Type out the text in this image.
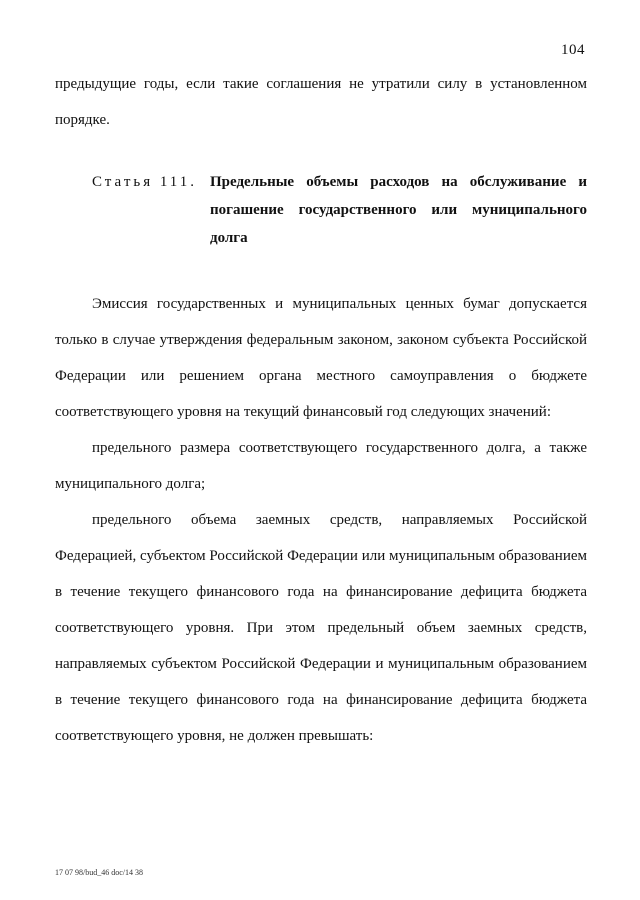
104

предыдущие годы, если такие соглашения не утратили силу в установленном порядке.

Статья 111. Предельные объемы расходов на обслуживание и погашение государственного или муниципального долга

Эмиссия государственных и муниципальных ценных бумаг допускается только в случае утверждения федеральным законом, законом субъекта Российской Федерации или решением органа местного самоуправления о бюджете соответствующего уровня на текущий финансовый год следующих значений:

предельного размера соответствующего государственного долга, а также муниципального долга;

предельного объема заемных средств, направляемых Российской Федерацией, субъектом Российской Федерации или муниципальным образованием в течение текущего финансового года на финансирование дефицита бюджета соответствующего уровня. При этом предельный объем заемных средств, направляемых субъектом Российской Федерации и муниципальным образованием в течение текущего финансового года на финансирование дефицита бюджета соответствующего уровня, не должен превышать:

17 07 98/bud_46 doc/14 38
